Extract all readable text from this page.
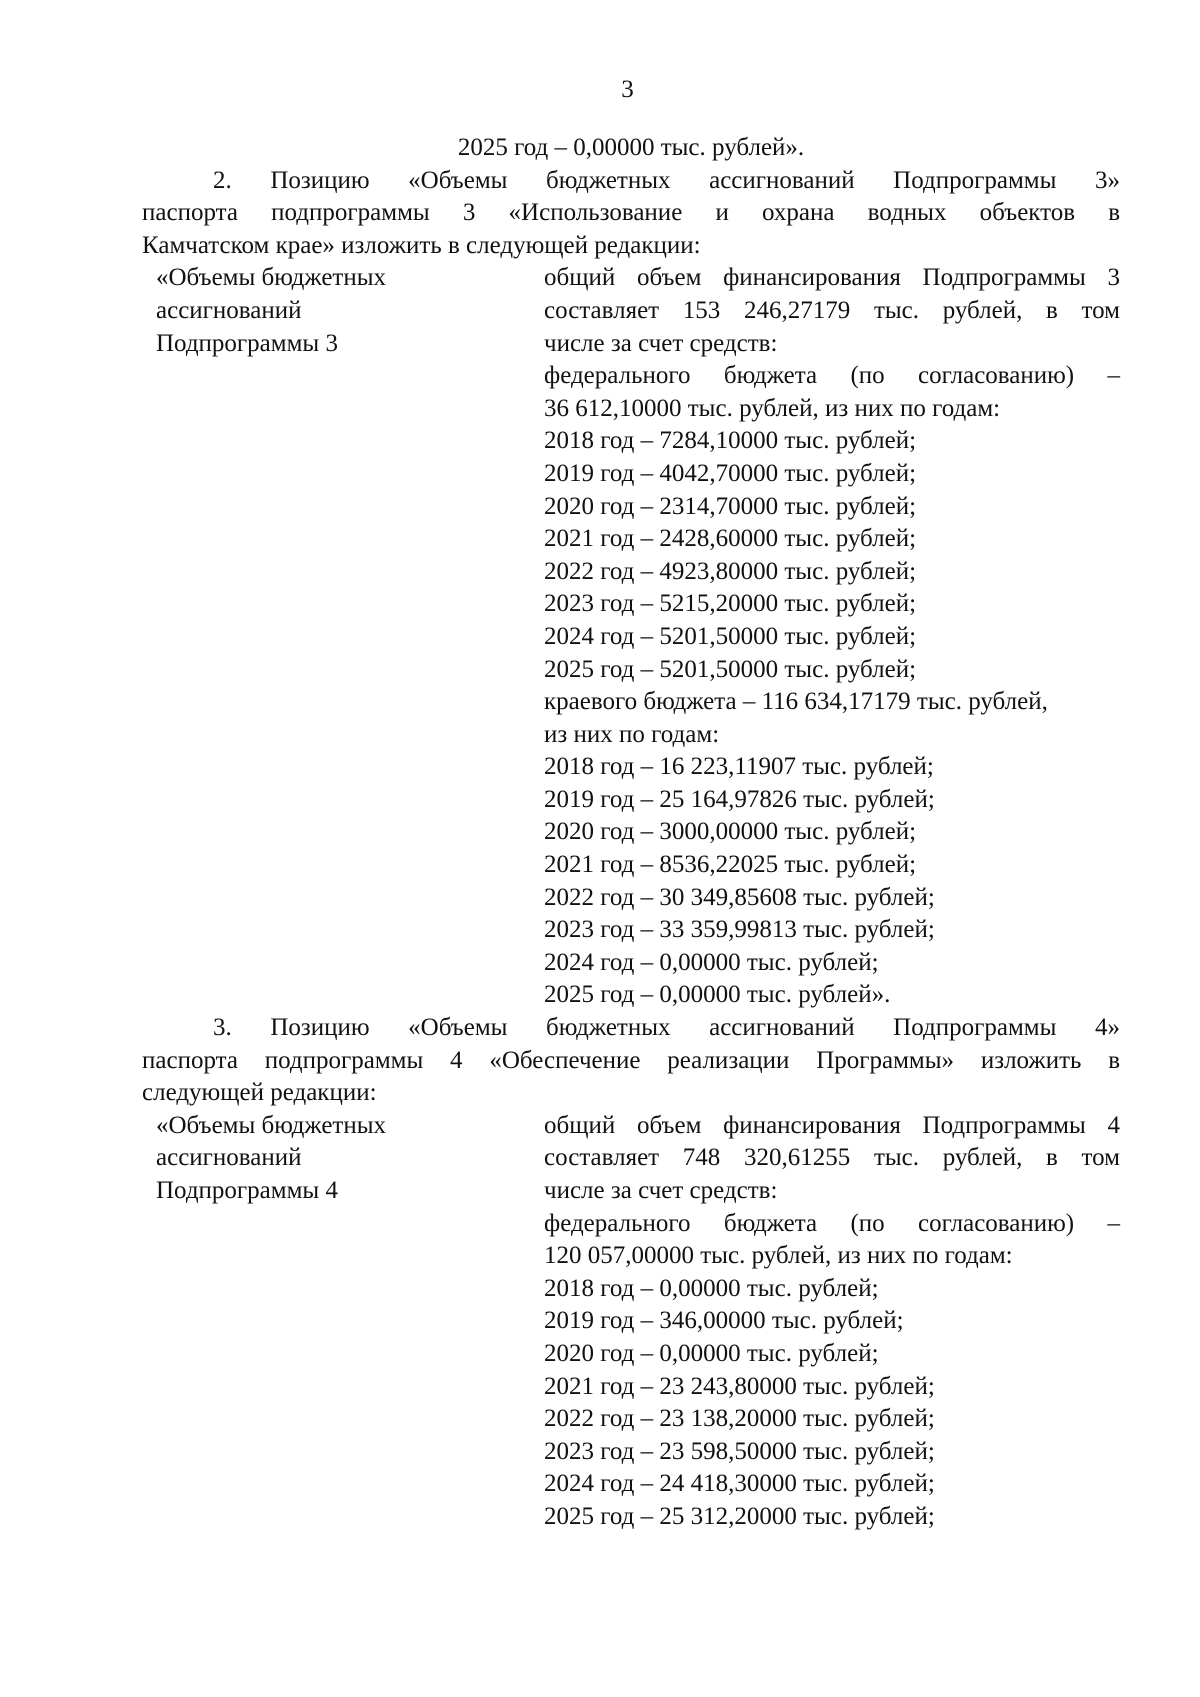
3
2025 год – 0,00000 тыс. рублей».
2. Позицию «Объемы бюджетных ассигнований Подпрограммы 3»
паспорта подпрограммы 3 «Использование и охрана водных объектов в
Камчатском крае» изложить в следующей редакции:
«Объемы бюджетных
ассигнований
Подпрограммы 3
общий объем финансирования Подпрограммы 3
составляет 153 246,27179 тыс. рублей, в том
числе за счет средств:
федерального бюджета (по согласованию) –
36 612,10000 тыс. рублей, из них по годам:
2018 год – 7284,10000 тыс. рублей;
2019 год – 4042,70000 тыс. рублей;
2020 год – 2314,70000 тыс. рублей;
2021 год – 2428,60000 тыс. рублей;
2022 год – 4923,80000 тыс. рублей;
2023 год – 5215,20000 тыс. рублей;
2024 год – 5201,50000 тыс. рублей;
2025 год – 5201,50000 тыс. рублей;
краевого бюджета – 116 634,17179 тыс. рублей,
из них по годам:
2018 год – 16 223,11907 тыс. рублей;
2019 год – 25 164,97826 тыс. рублей;
2020 год – 3000,00000 тыс. рублей;
2021 год – 8536,22025 тыс. рублей;
2022 год – 30 349,85608 тыс. рублей;
2023 год – 33 359,99813 тыс. рублей;
2024 год – 0,00000 тыс. рублей;
2025 год – 0,00000 тыс. рублей».
3. Позицию «Объемы бюджетных ассигнований Подпрограммы 4»
паспорта подпрограммы 4 «Обеспечение реализации Программы» изложить в
следующей редакции:
«Объемы бюджетных
ассигнований
Подпрограммы 4
общий объем финансирования Подпрограммы 4
составляет 748 320,61255 тыс. рублей, в том
числе за счет средств:
федерального бюджета (по согласованию) –
120 057,00000 тыс. рублей, из них по годам:
2018 год – 0,00000 тыс. рублей;
2019 год – 346,00000 тыс. рублей;
2020 год – 0,00000 тыс. рублей;
2021 год – 23 243,80000 тыс. рублей;
2022 год – 23 138,20000 тыс. рублей;
2023 год – 23 598,50000 тыс. рублей;
2024 год – 24 418,30000 тыс. рублей;
2025 год – 25 312,20000 тыс. рублей;
